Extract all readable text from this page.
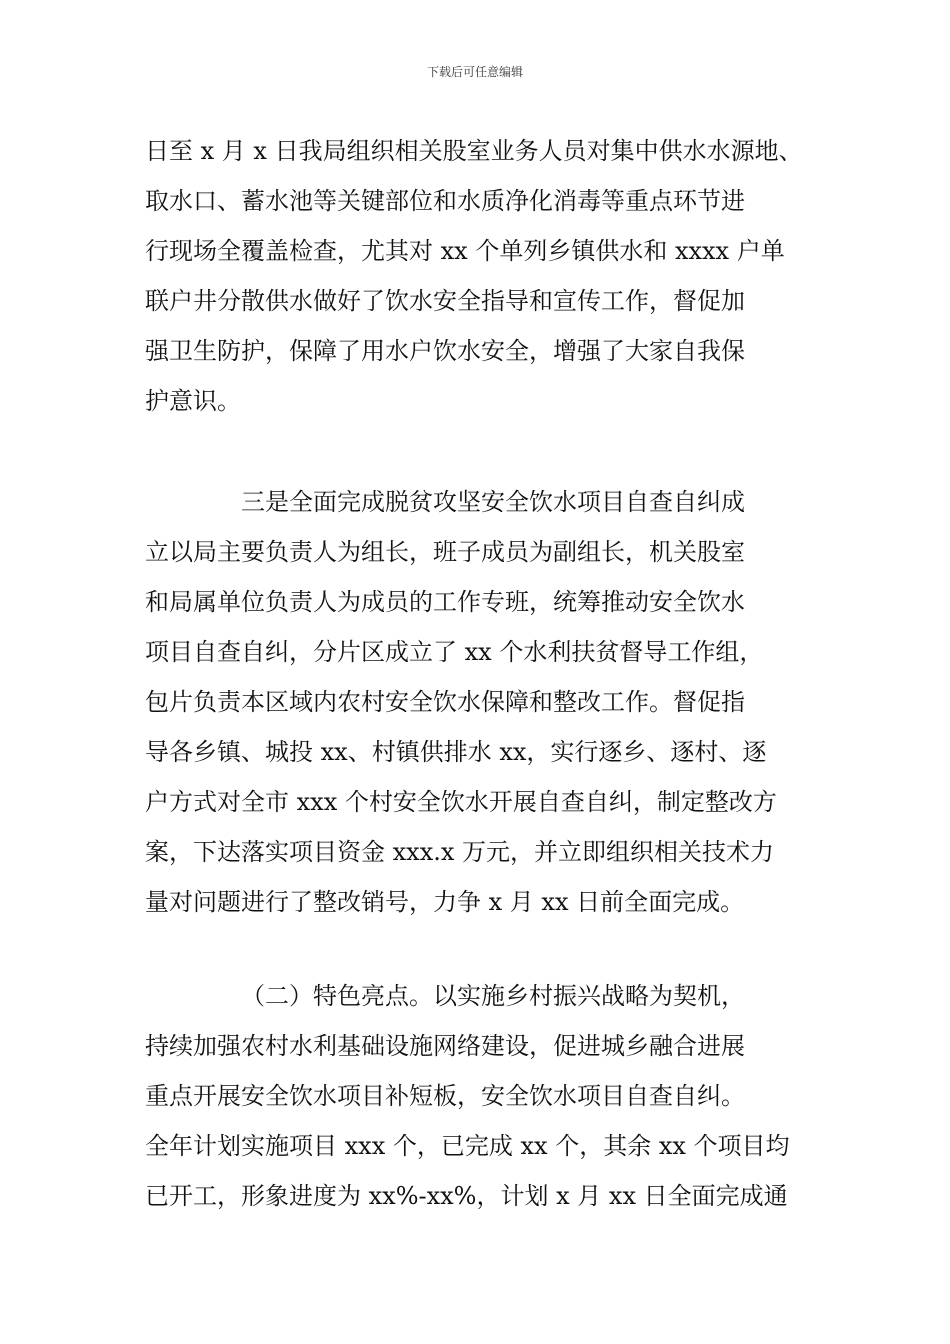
下载后可任意编辑
日至 x 月 x 日我局组织相关股室业务人员对集中供水水源地、
取水口、蓄水池等关键部位和水质净化消毒等重点环节进
行现场全覆盖检查，尤其对 xx 个单列乡镇供水和 xxxx 户单
联户井分散供水做好了饮水安全指导和宣传工作，督促加
强卫生防护，保障了用水户饮水安全，增强了大家自我保
护意识。
三是全面完成脱贫攻坚安全饮水项目自查自纠成
立以局主要负责人为组长，班子成员为副组长，机关股室
和局属单位负责人为成员的工作专班，统筹推动安全饮水
项目自查自纠，分片区成立了 xx 个水利扶贫督导工作组，
包片负责本区域内农村安全饮水保障和整改工作。督促指
导各乡镇、城投 xx、村镇供排水 xx，实行逐乡、逐村、逐
户方式对全市 xxx 个村安全饮水开展自查自纠，制定整改方
案，下达落实项目资金 xxx.x 万元，并立即组织相关技术力
量对问题进行了整改销号，力争 x 月 xx 日前全面完成。
（二）特色亮点。以实施乡村振兴战略为契机，
持续加强农村水利基础设施网络建设，促进城乡融合进展
重点开展安全饮水项目补短板，安全饮水项目自查自纠。
全年计划实施项目 xxx 个，已完成 xx 个，其余 xx 个项目均
已开工，形象进度为 xx%-xx%，计划 x 月 xx 日全面完成通
